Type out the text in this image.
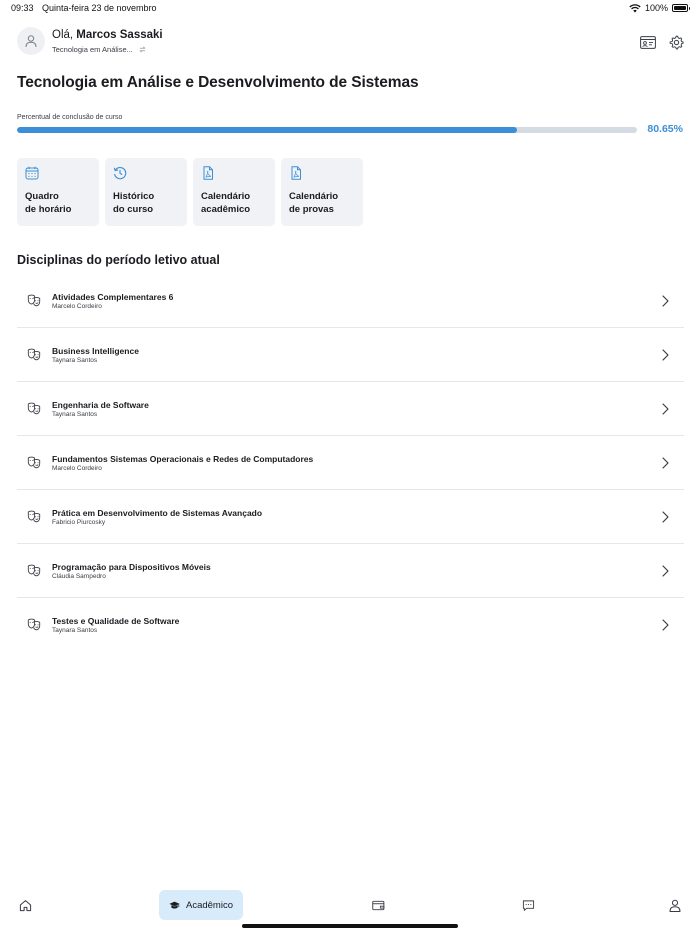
09:33 Quinta-feira 23 de novembro	100%
Olá, Marcos Sassaki
Tecnologia em Análise...
Tecnologia em Análise e Desenvolvimento de Sistemas
Percentual de conclusão de curso
80.65%
Quadro
de horário
Histórico
do curso
Calendário
acadêmico
Calendário
de provas
Disciplinas do período letivo atual
Atividades Complementares 6
Marcelo Cordeiro
Business Intelligence
Taynara Santos
Engenharia de Software
Taynara Santos
Fundamentos Sistemas Operacionais e Redes de Computadores
Marcelo Cordeiro
Prática em Desenvolvimento de Sistemas Avançado
Fabricio Piurcosky
Programação para Dispositivos Móveis
Cláudia Sampedro
Testes e Qualidade de Software
Taynara Santos
Acadêmico
